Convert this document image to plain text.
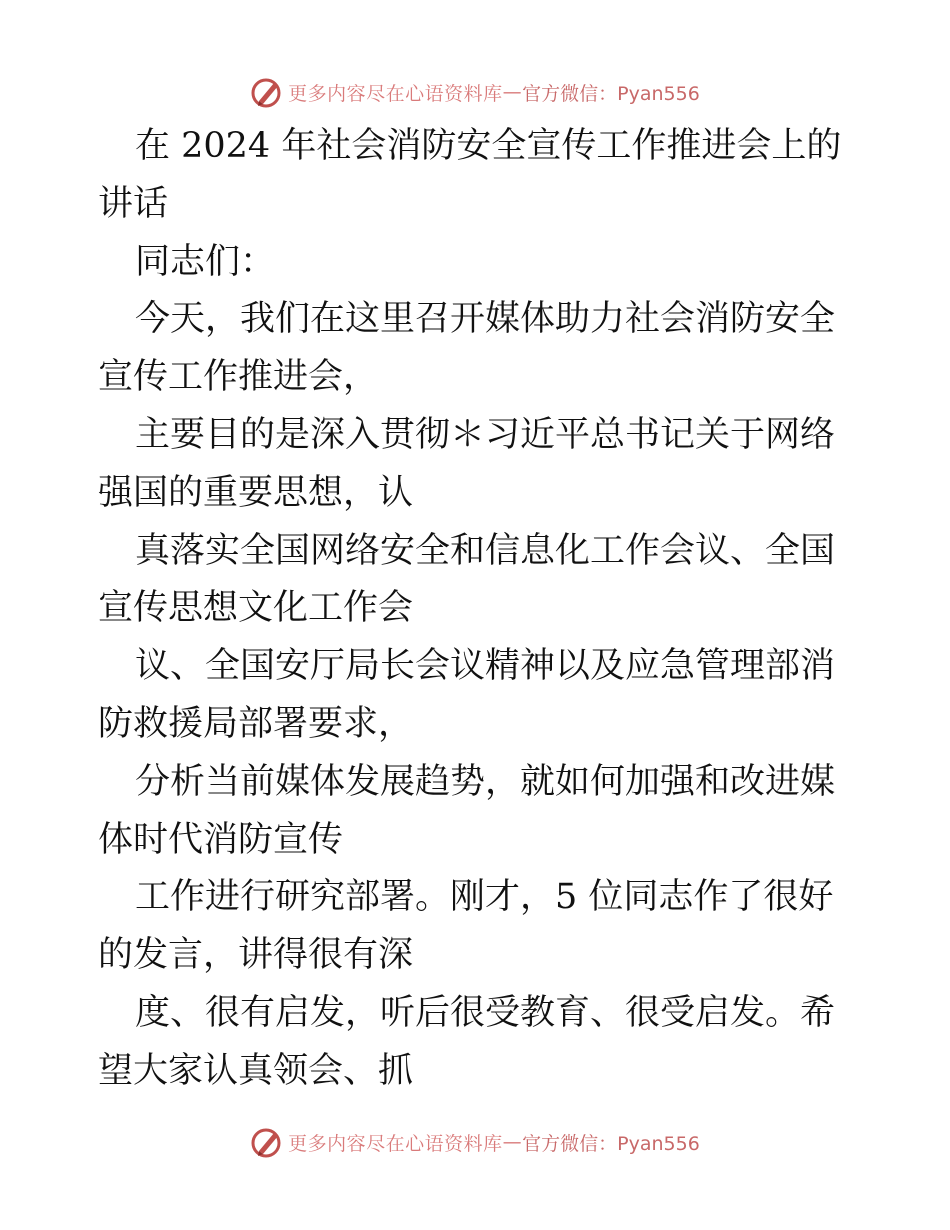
更多内容尽在心语资料库 — 官方微信：Pyan556

在 2024 年社会消防安全宣传工作推进会上的讲话

同志们：

今天，我们在这里召开媒体助力社会消防安全宣传工作推进会，

主要目的是深入贯彻＊习近平总书记关于网络强国的重要思想，认

真落实全国网络安全和信息化工作会议、全国宣传思想文化工作会

议、全国安厅局长会议精神以及应急管理部消防救援局部署要求，

分析当前媒体发展趋势，就如何加强和改进媒体时代消防宣传

工作进行研究部署。刚才，5 位同志作了很好的发言，讲得很有深

度、很有启发，听后很受教育、很受启发。希望大家认真领会、抓

更多内容尽在心语资料库 — 官方微信：Pyan556
